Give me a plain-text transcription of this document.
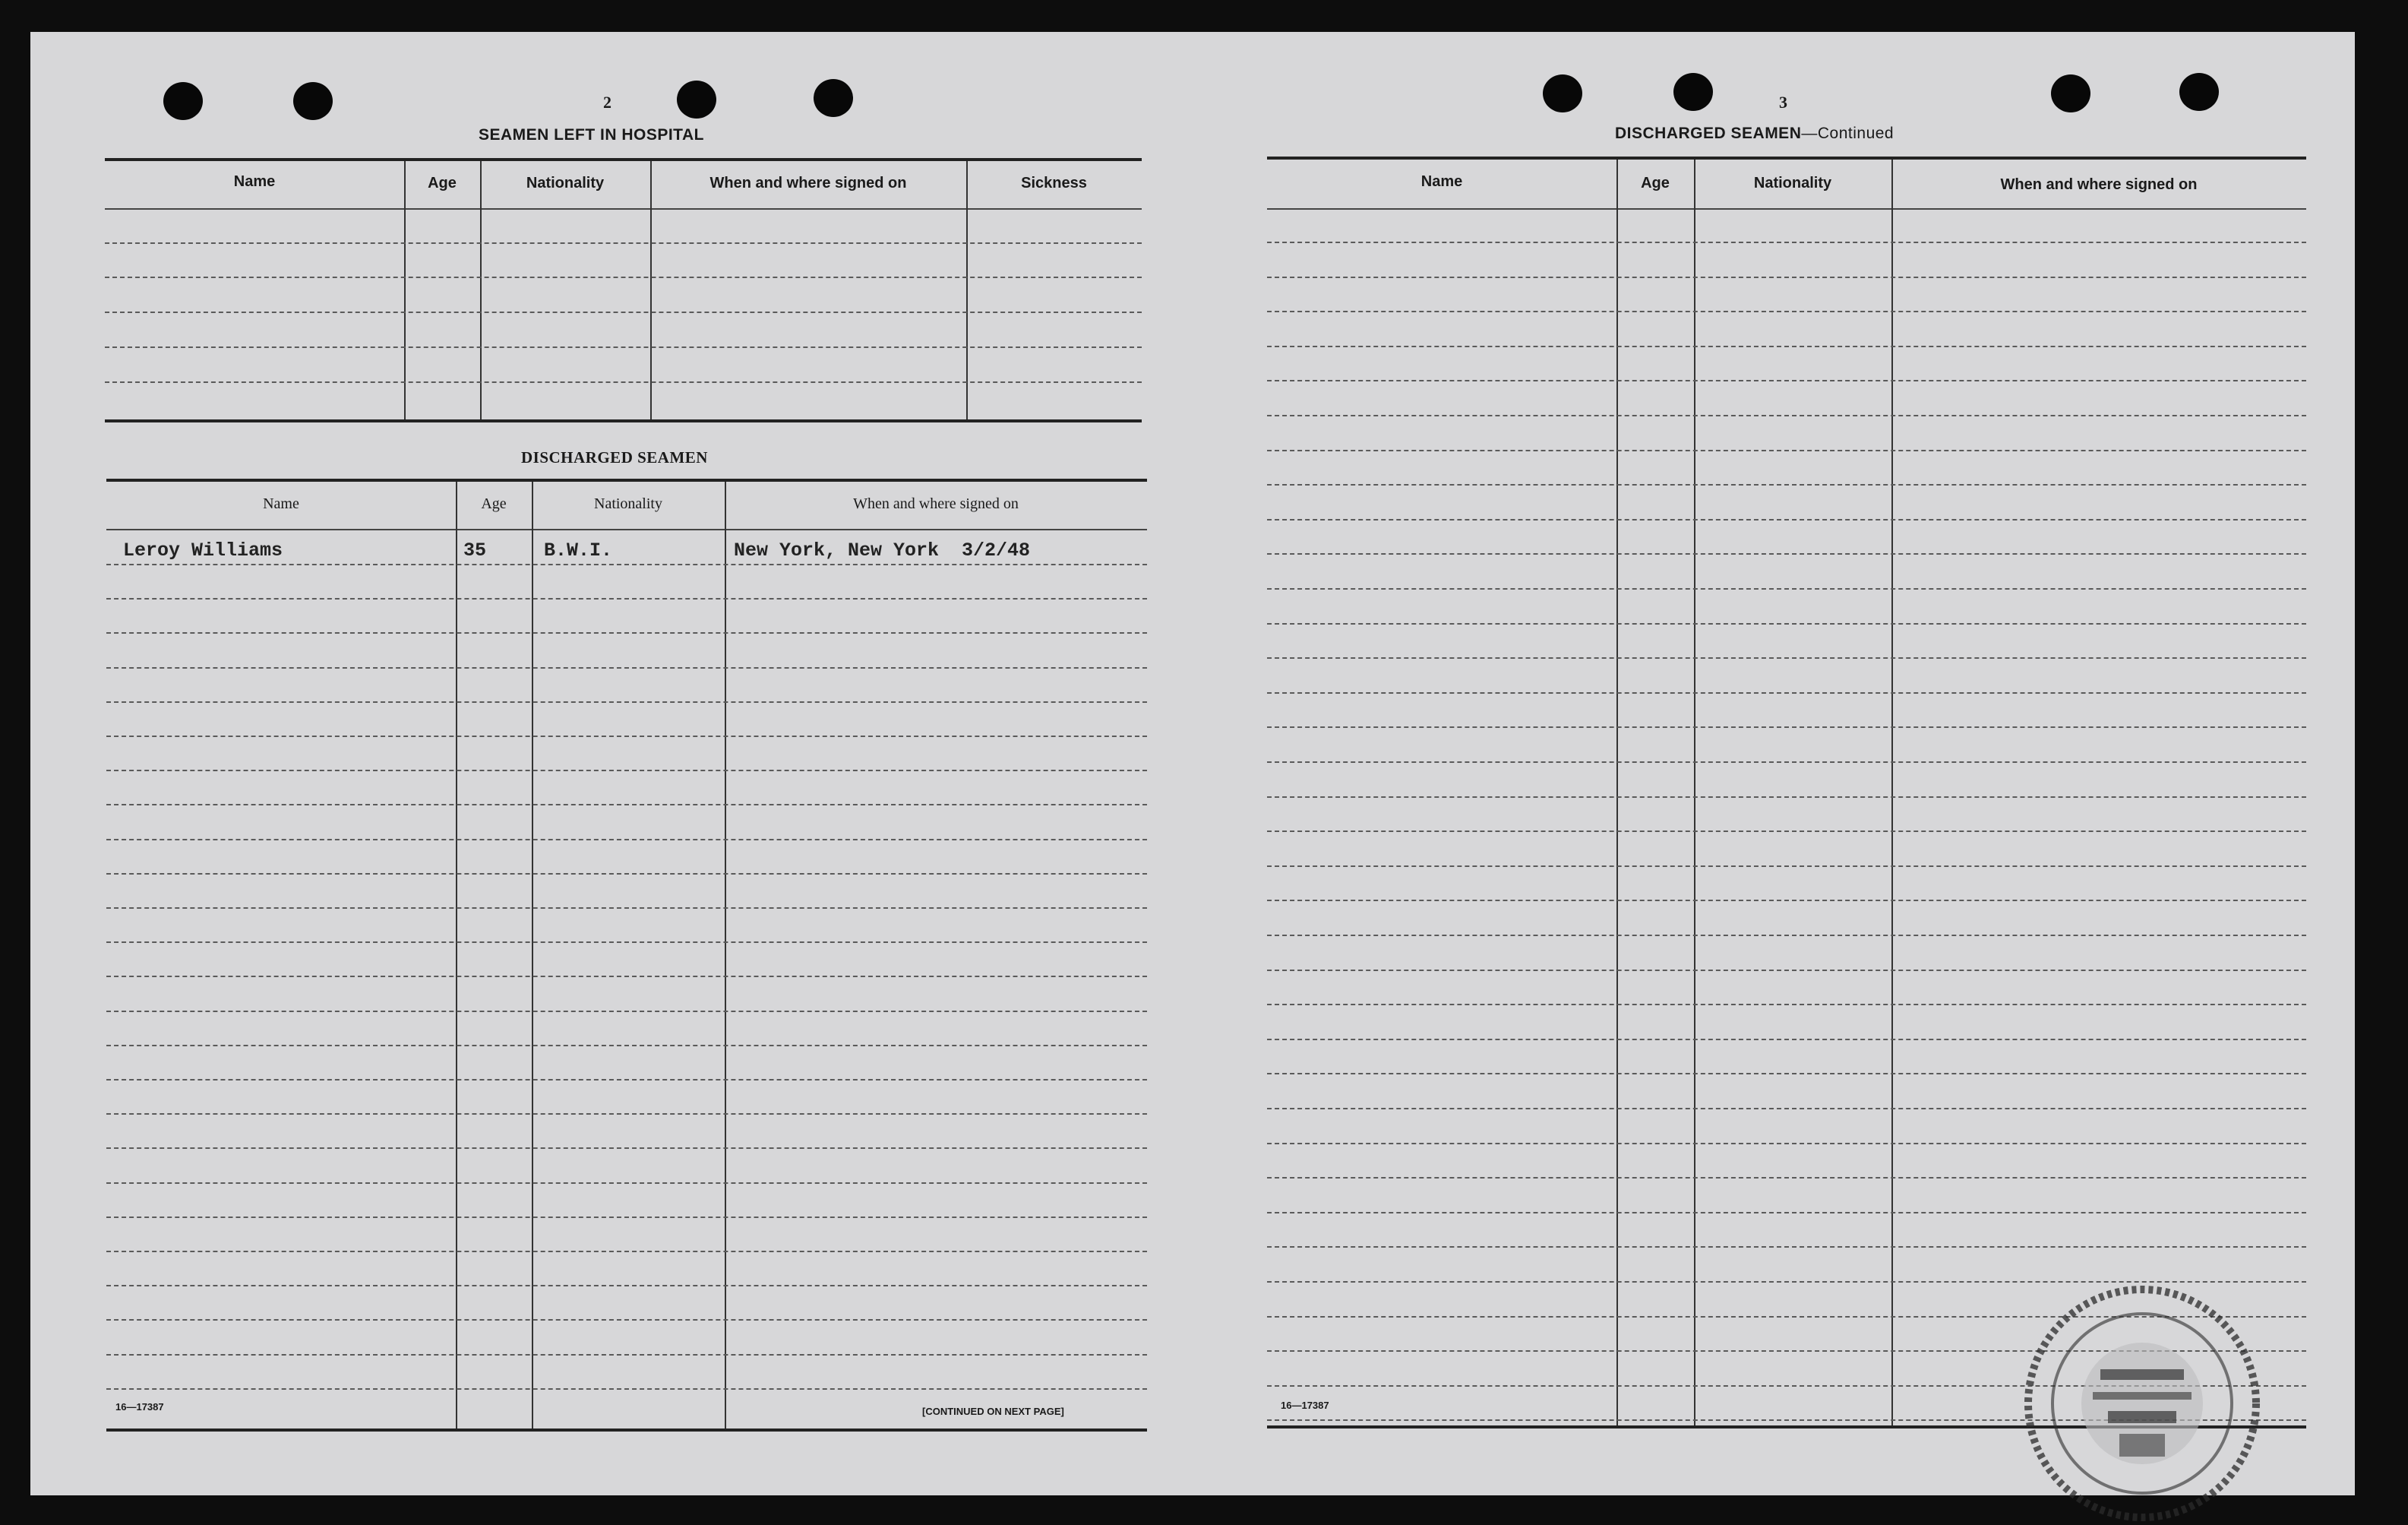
2
SEAMEN LEFT IN HOSPITAL
Name	Age	Nationality	When and where signed on	Sickness
DISCHARGED SEAMEN
Name	Age	Nationality	When and where signed on
Leroy Williams	35	B.W.I.	New York, New York  3/2/48
16—17387	[CONTINUED ON NEXT PAGE]
3
DISCHARGED SEAMEN—Continued
Name	Age	Nationality	When and where signed on
16—17387
